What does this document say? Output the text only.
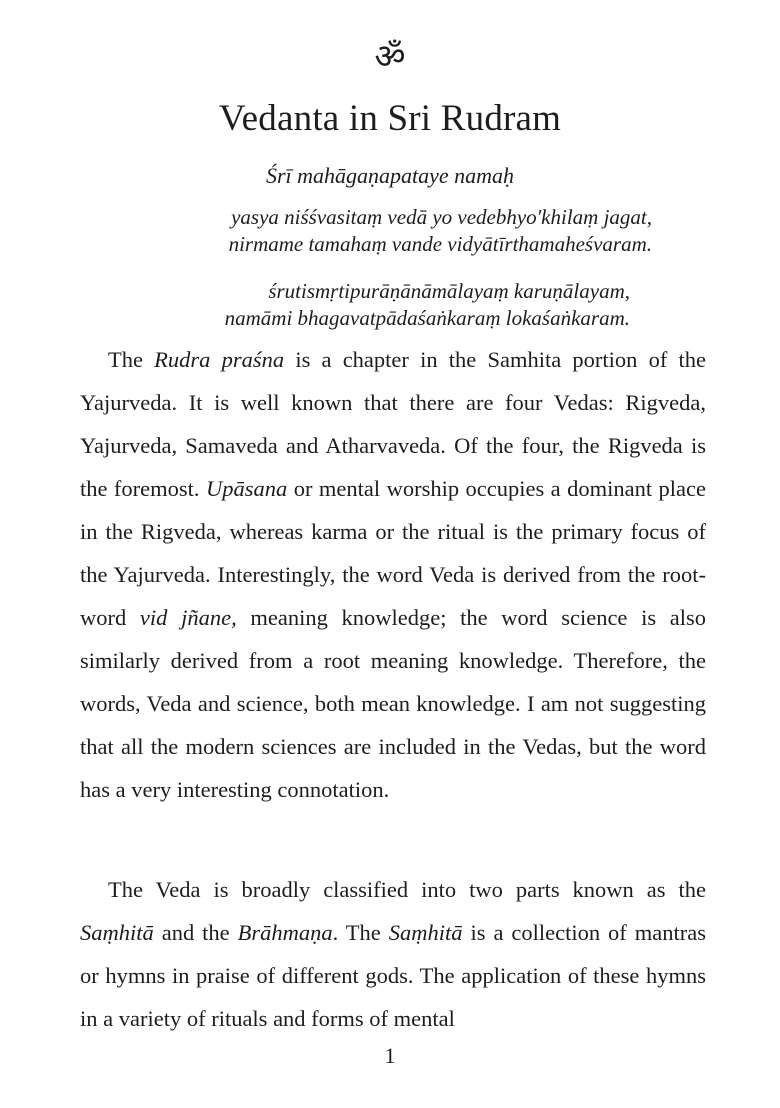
ॐ
Vedanta in Sri Rudram
Śrī mahāgaṇapataye namaḥ
yasya niśśvasitaṃ vedā yo vedebhyo'khilaṃ jagat,
nirmame tamahaṃ vande vidyātīrthamaheśvaram.
śrutismṛtipurāṇānāmālayaṃ karuṇālayam,
namāmi bhagavatpādaśaṅkaraṃ lokaśaṅkaram.

The Rudra praśna is a chapter in the Samhita portion of the Yajurveda. It is well known that there are four Vedas: Rigveda, Yajurveda, Samaveda and Atharvaveda. Of the four, the Rigveda is the foremost. Upāsana or mental worship occupies a dominant place in the Rigveda, whereas karma or the ritual is the primary focus of the Yajurveda. Interestingly, the word Veda is derived from the root-word vid jñane, meaning knowledge; the word science is also similarly derived from a root meaning knowledge. Therefore, the words, Veda and science, both mean knowledge. I am not suggesting that all the modern sciences are included in the Vedas, but the word has a very interesting connotation.

The Veda is broadly classified into two parts known as the Saṃhitā and the Brāhmaṇa. The Saṃhitā is a collection of mantras or hymns in praise of different gods. The application of these hymns in a variety of rituals and forms of mental

1
